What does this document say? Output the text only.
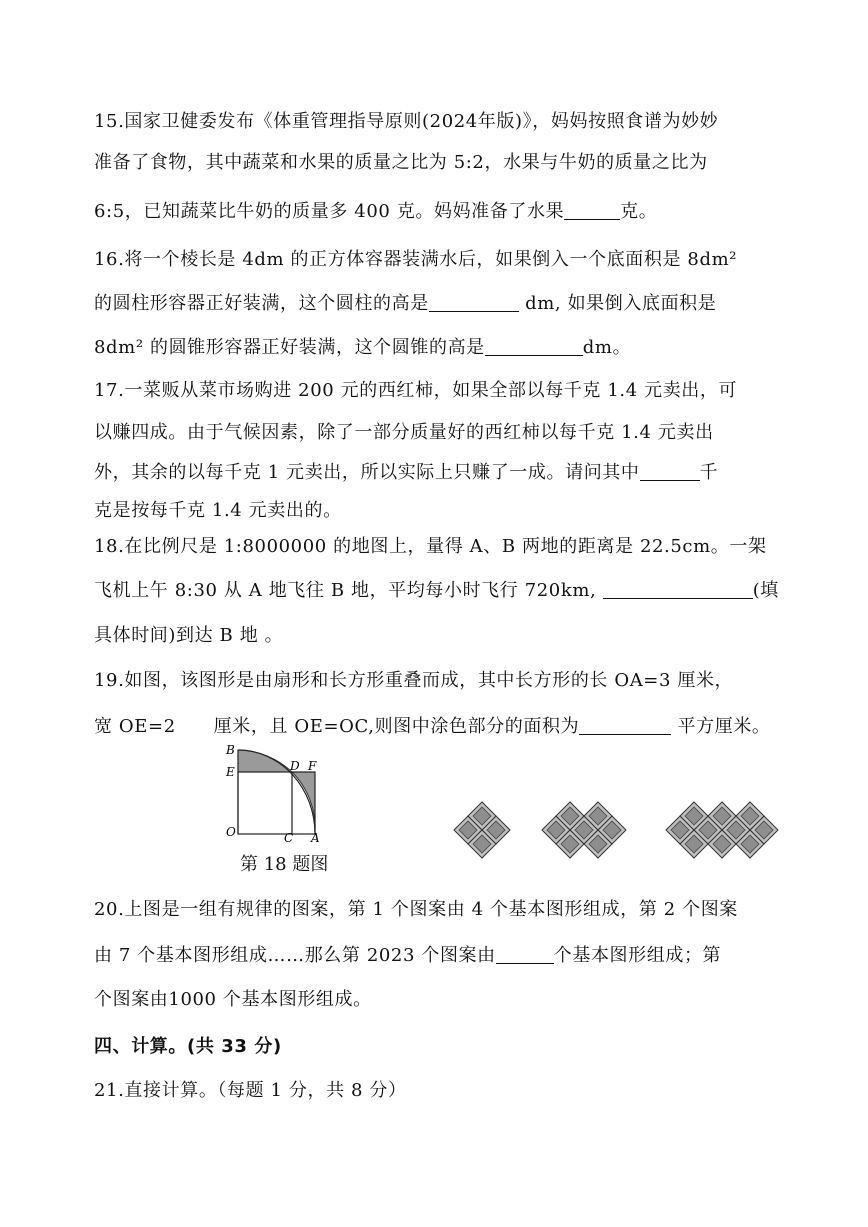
15.国家卫健委发布《体重管理指导原则(2024年版)》，妈妈按照食谱为妙妙
准备了食物，其中蔬菜和水果的质量之比为 5:2，水果与牛奶的质量之比为
6:5，已知蔬菜比牛奶的质量多 400 克。妈妈准备了水果	克。
16.将一个棱长是 4dm 的正方体容器装满水后，如果倒入一个底面积是 8dm²
的圆柱形容器正好装满，这个圆柱的高是	dm, 如果倒入底面积是
8dm² 的圆锥形容器正好装满，这个圆锥的高是	dm。
17.一菜贩从菜市场购进 200 元的西红柿，如果全部以每千克 1.4 元卖出，可
以赚四成。由于气候因素，除了一部分质量好的西红柿以每千克 1.4 元卖出
外，其余的以每千克 1 元卖出，所以实际上只赚了一成。请问其中	千
克是按每千克 1.4 元卖出的。
18.在比例尺是 1:8000000 的地图上，量得 A、B 两地的距离是 22.5cm。一架
飞机上午 8:30 从 A 地飞往 B 地，平均每小时飞行 720km,	(填
具体时间)到达 B 地 。
19.如图，该图形是由扇形和长方形重叠而成，其中长方形的长 OA=3 厘米，
宽 OE=2      厘米，且 OE=OC,则图中涂色部分的面积为	平方厘米。
B
E	D F
O	C A
第 18 题图
20.上图是一组有规律的图案，第 1 个图案由 4 个基本图形组成，第 2 个图案
由 7 个基本图形组成……那么第 2023 个图案由	个基本图形组成；第
个图案由1000 个基本图形组成。
四、计算。(共 33 分)
21.直接计算。（每题 1 分，共 8 分）
